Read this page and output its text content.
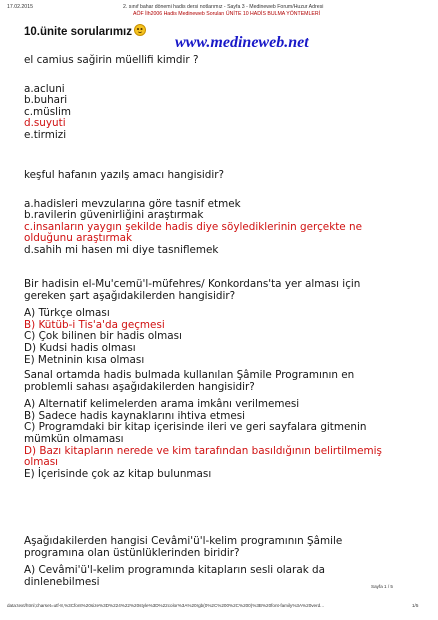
17.02.2015	2. sınıf bahar dönemi hadis dersi notlarımız - Sayfa 3 - Medineweb Forum/Huzur Adresi
AÖF İlh2006 Hadis Medineweb Soruları ÜNİTE 10 HADİS BULMA YÖNTEMLERİ
10.ünite sorularımız
www.medineweb.net
el camius sağirin müellifi kimdir ?
a.acluni
b.buhari
c.müslim
d.suyuti
e.tirmizi
keşful hafanın yazılş amacı hangisidir?
a.hadisleri mevzularına göre tasnif etmek
b.ravilerin güvenirliğini araştırmak
c.insanların yaygın şekilde hadis diye söylediklerinin gerçekte ne
olduğunu araştırmak
d.sahih mi hasen mi diye tasniflemek
Bir hadisin el-Mu'cemü'l-müfehres/ Konkordans'ta yer alması için
gereken şart aşağıdakilerden hangisidir?
A) Türkçe olması
B) Kütüb-i Tis'a'da geçmesi
C) Çok bilinen bir hadis olması
D) Kudsi hadis olması
E) Metninin kısa olması
Sanal ortamda hadis bulmada kullanılan Şâmile Programının en
problemli sahası aşağıdakilerden hangisidir?
A) Alternatif kelimelerden arama imkânı verilmemesi
B) Sadece hadis kaynaklarını ihtiva etmesi
C) Programdaki bir kitap içerisinde ileri ve geri sayfalara gitmenin
mümkün olmaması
D) Bazı kitapların nerede ve kim tarafından basıldığının belirtilmemiş
olması
E) İçerisinde çok az kitap bulunması
Aşağıdakilerden hangisi Cevâmi'ü'l-kelim programının Şâmile
programına olan üstünlüklerinden biridir?
A) Cevâmi'ü'l-kelim programında kitapların sesli olarak da
dinlenebilmesi	Sayfa 1 / 5
data:text/html;charset=utf-8,%3Cfont%20size%3D%224%22%20style%3D%22color%3A%20rgb(0%2C%200%2C%200)%3B%20font-family%3A%20verd...	1/5
